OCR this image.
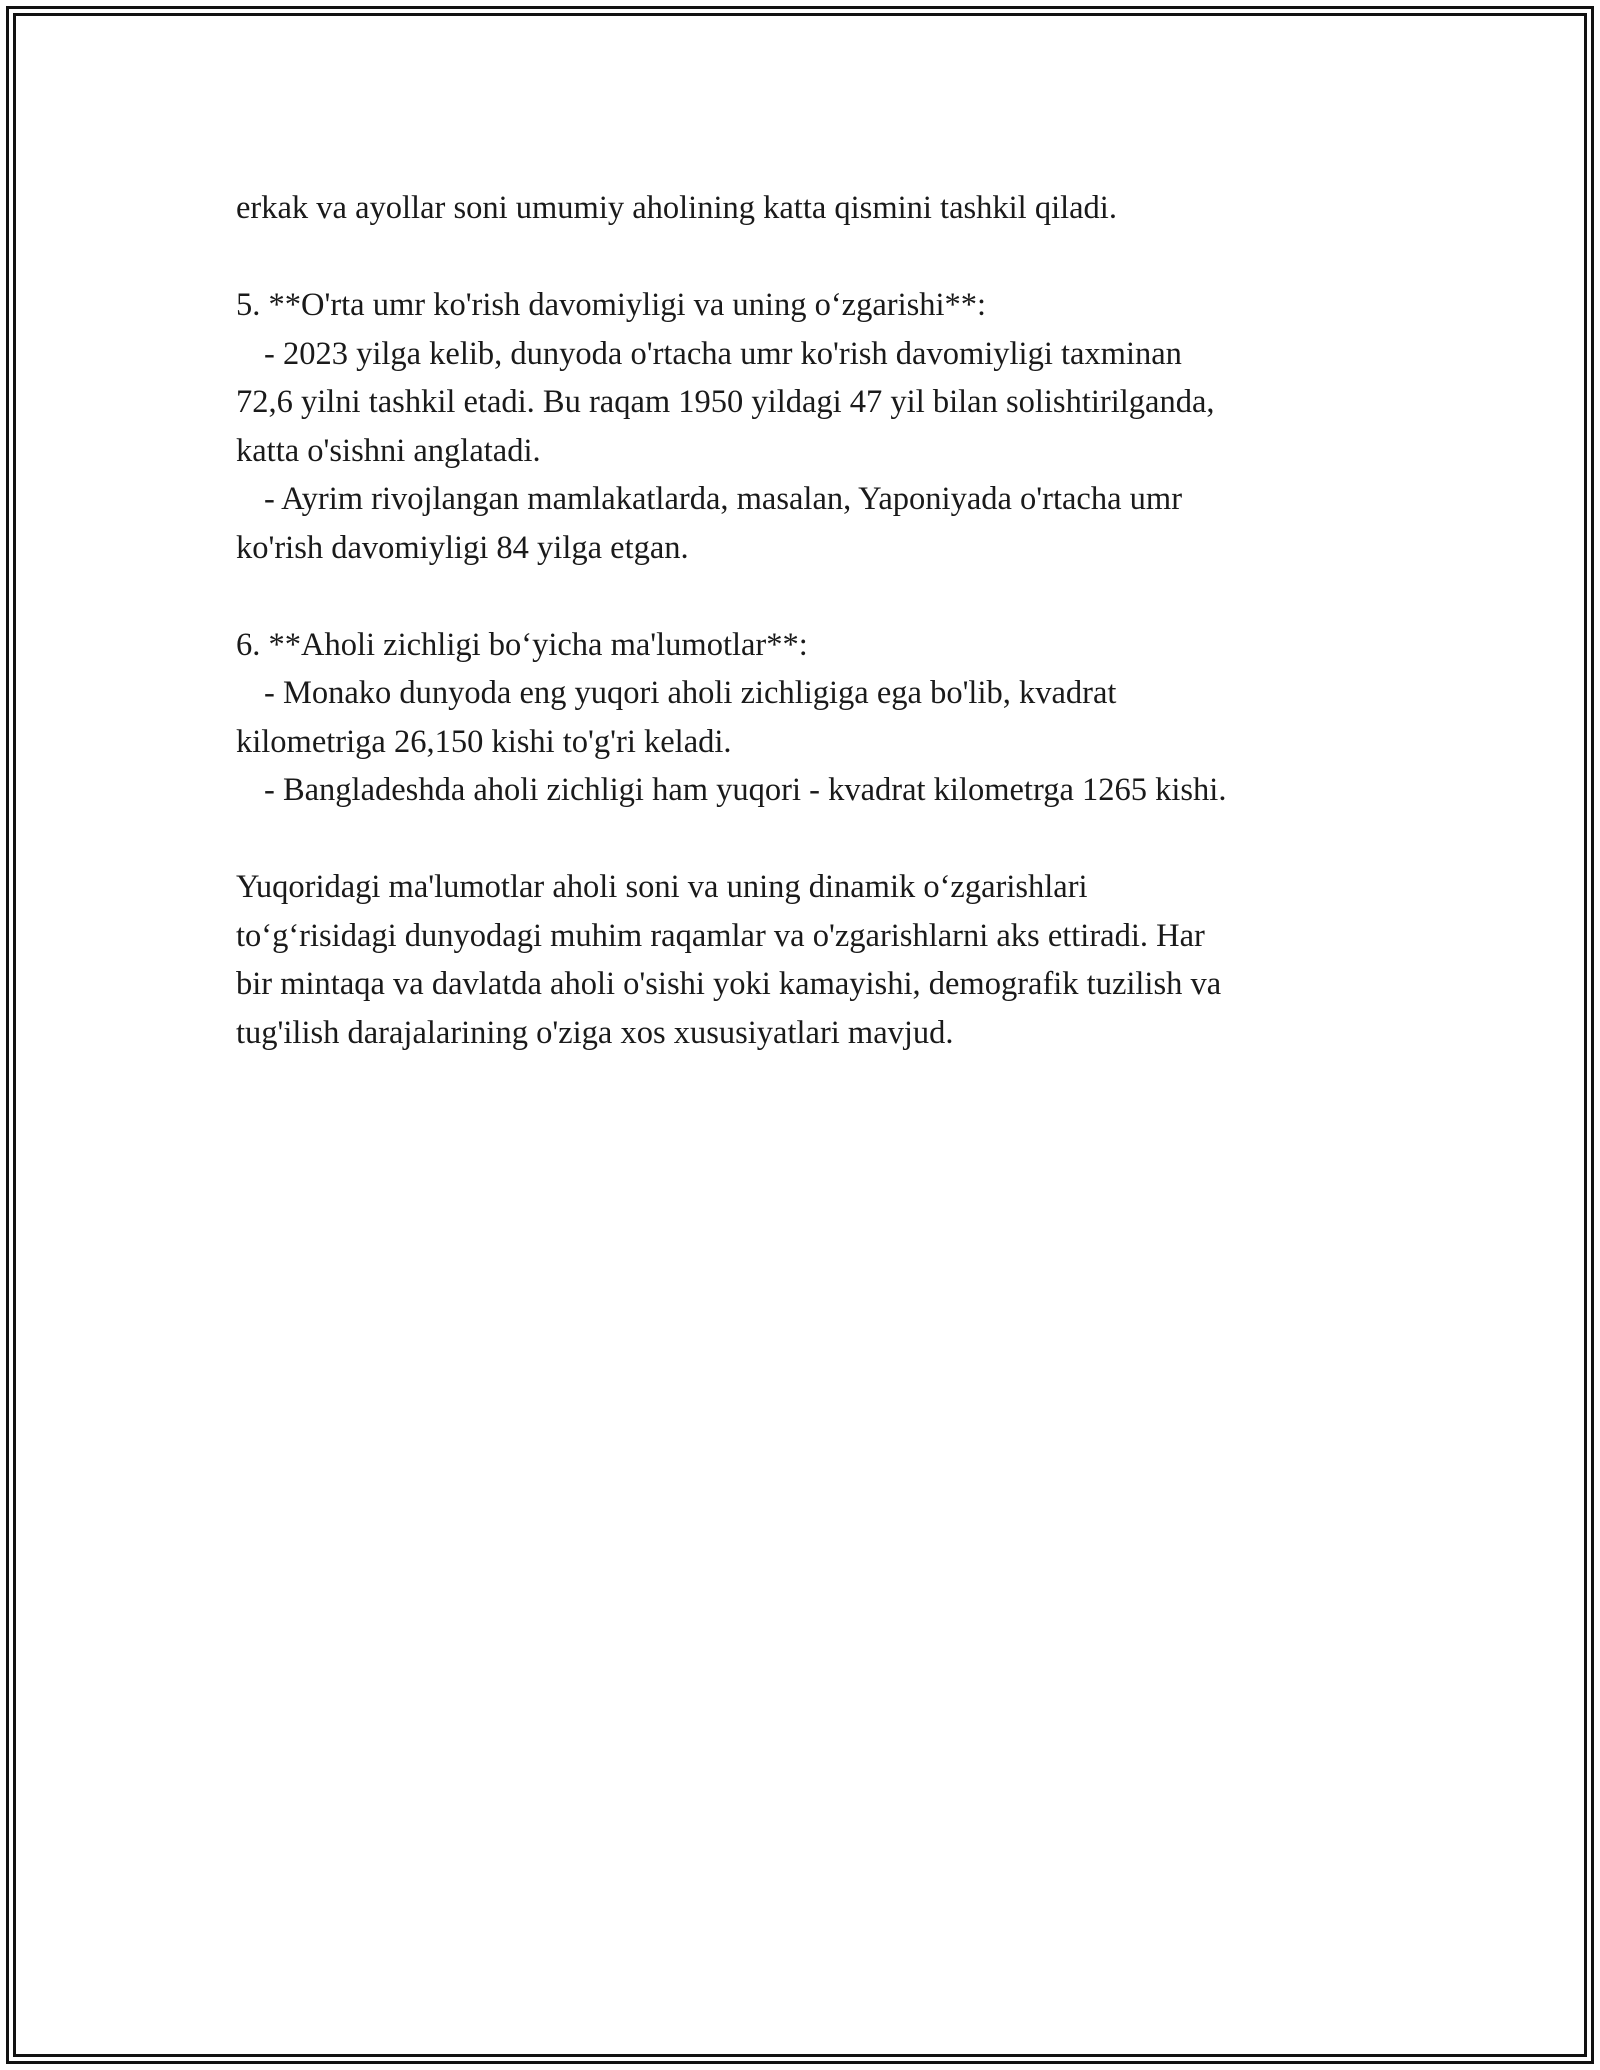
erkak va ayollar soni umumiy aholining katta qismini tashkil qiladi.

5. **O'rta umr ko'rish davomiyligi va uning o‘zgarishi**:

- 2023 yilga kelib, dunyoda o'rtacha umr ko'rish davomiyligi taxminan

72,6 yilni tashkil etadi. Bu raqam 1950 yildagi 47 yil bilan solishtirilganda,

katta o'sishni anglatadi.

- Ayrim rivojlangan mamlakatlarda, masalan, Yaponiyada o'rtacha umr

ko'rish davomiyligi 84 yilga etgan.

6. **Aholi zichligi bo‘yicha ma'lumotlar**:

- Monako dunyoda eng yuqori aholi zichligiga ega bo'lib, kvadrat

kilometriga 26,150 kishi to'g'ri keladi.

- Bangladeshda aholi zichligi ham yuqori - kvadrat kilometrga 1265 kishi.

Yuqoridagi ma'lumotlar aholi soni va uning dinamik o‘zgarishlari

to‘g‘risidagi dunyodagi muhim raqamlar va o'zgarishlarni aks ettiradi. Har

bir mintaqa va davlatda aholi o'sishi yoki kamayishi, demografik tuzilish va

tug'ilish darajalarining o'ziga xos xususiyatlari mavjud.
